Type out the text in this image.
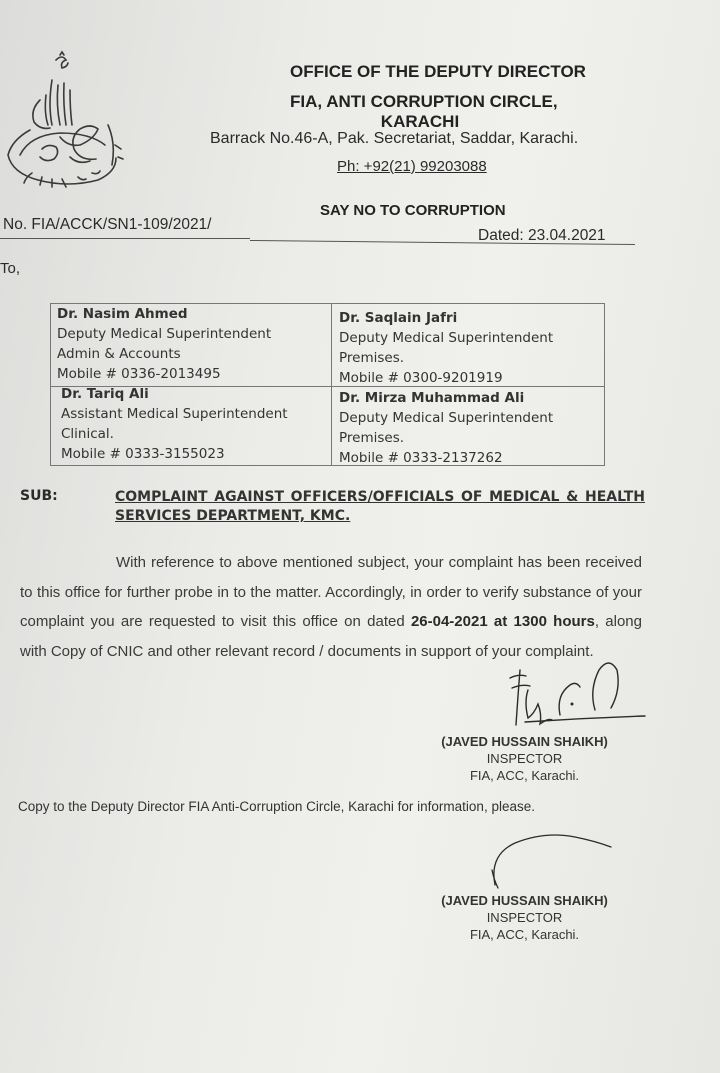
OFFICE OF THE DEPUTY DIRECTOR
FIA, ANTI CORRUPTION CIRCLE,
KARACHI
Barrack No.46-A, Pak. Secretariat, Saddar, Karachi.
Ph: +92(21) 99203088
SAY NO TO CORRUPTION
No. FIA/ACCK/SN1-109/2021/
Dated: 23.04.2021
To,
Dr. Nasim Ahmed
Deputy Medical Superintendent
Admin & Accounts
Mobile # 0336-2013495
Dr. Saqlain Jafri
Deputy Medical Superintendent
Premises.
Mobile # 0300-9201919
Dr. Tariq Ali
Assistant Medical Superintendent
Clinical.
Mobile # 0333-3155023
Dr. Mirza Muhammad Ali
Deputy Medical Superintendent
Premises.
Mobile # 0333-2137262
SUB:	COMPLAINT AGAINST OFFICERS/OFFICIALS OF MEDICAL & HEALTH SERVICES DEPARTMENT, KMC.
With reference to above mentioned subject, your complaint has been received to this office for further probe in to the matter. Accordingly, in order to verify substance of your complaint you are requested to visit this office on dated 26-04-2021 at 1300 hours, along with Copy of CNIC and other relevant record / documents in support of your complaint.
(JAVED HUSSAIN SHAIKH)
INSPECTOR
FIA, ACC, Karachi.
Copy to the Deputy Director FIA Anti-Corruption Circle, Karachi for information, please.
(JAVED HUSSAIN SHAIKH)
INSPECTOR
FIA, ACC, Karachi.
